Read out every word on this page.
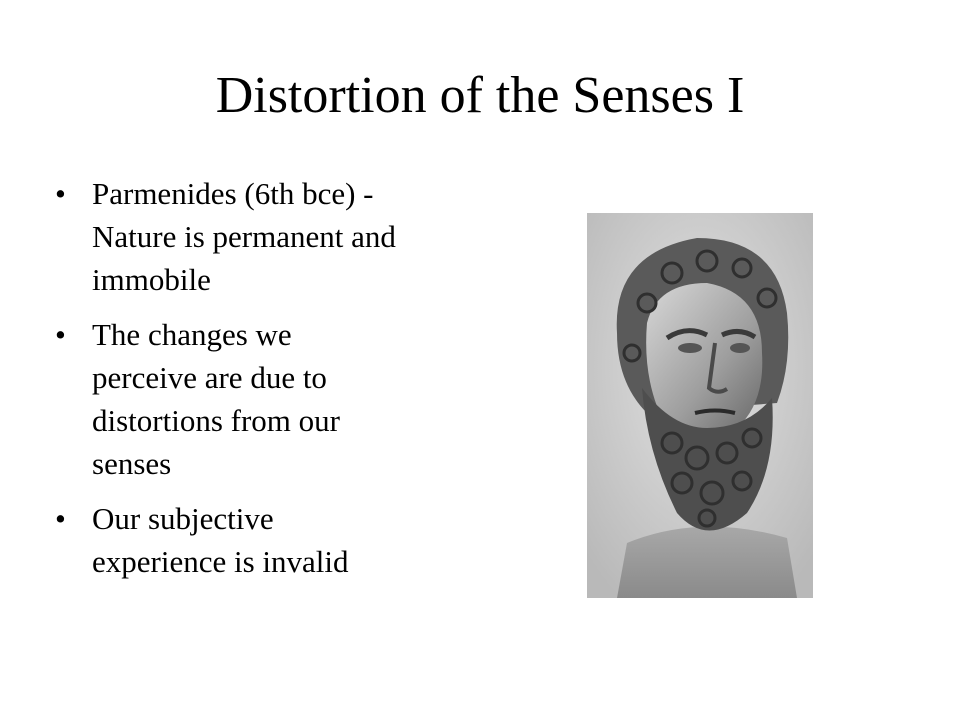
Distortion of the Senses I
• Parmenides (6th bce) -
Nature is permanent and
immobile
• The changes we
perceive are due to
distortions from our
senses
• Our subjective
experience is invalid
